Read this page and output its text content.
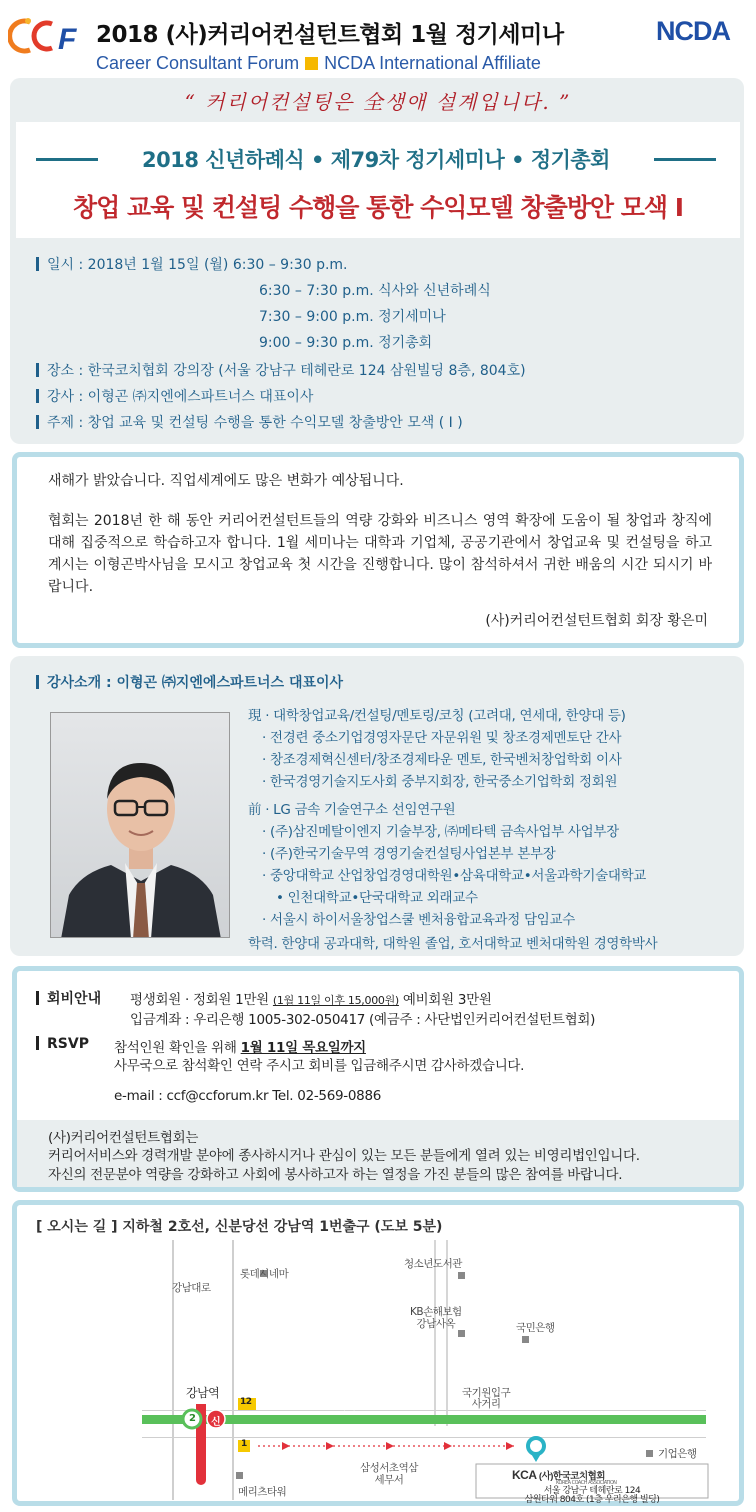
F 2018 (사)커리어컨설턴트협회 1월 정기세미나	NCDA
Career Consultant Forum NCDA International Affiliate
“ 커리어컨설팅은 全생애 설계입니다. ”
2018 신년하례식 • 제79차 정기세미나 • 정기총회
창업 교육 및 컨설팅 수행을 통한 수익모델 창출방안 모색 I
일시 : 2018년 1월 15일 (월) 6:30 – 9:30 p.m.
6:30 – 7:30 p.m. 식사와 신년하례식
7:30 – 9:00 p.m. 정기세미나
9:00 – 9:30 p.m. 정기총회
장소 : 한국코치협회 강의장 (서울 강남구 테헤란로 124 삼원빌딩 8층, 804호)
강사 : 이형곤 ㈜지엔에스파트너스 대표이사
주제 : 창업 교육 및 컨설팅 수행을 통한 수익모델 창출방안 모색 ( I )
새해가 밝았습니다. 직업세계에도 많은 변화가 예상됩니다.
협회는 2018년 한 해 동안 커리어컨설턴트들의 역량 강화와 비즈니스 영역 확장에 도움이 될 창업과 창직에 대해 집중적으로 학습하고자 합니다. 1월 세미나는 대학과 기업체, 공공기관에서 창업교육 및 컨설팅을 하고 계시는 이형곤박사님을 모시고 창업교육 첫 시간을 진행합니다. 많이 참석하셔서 귀한 배움의 시간 되시기 바랍니다.
(사)커리어컨설턴트협회 회장 황은미
강사소개 : 이형곤 ㈜지엔에스파트너스 대표이사
現 · 대학창업교육/컨설팅/멘토링/코칭 (고려대, 연세대, 한양대 등)
· 전경련 중소기업경영자문단 자문위원 및 창조경제멘토단 간사
· 창조경제혁신센터/창조경제타운 멘토, 한국벤처창업학회 이사
· 한국경영기술지도사회 중부지회장, 한국중소기업학회 정회원
前 · LG 금속 기술연구소 선임연구원
· (주)삼진메탈이엔지 기술부장, ㈜메타텍 금속사업부 사업부장
· (주)한국기술무역 경영기술컨설팅사업본부 본부장
· 중앙대학교 산업창업경영대학원•삼육대학교•서울과학기술대학교
• 인천대학교•단국대학교 외래교수
· 서울시 하이서울창업스쿨 벤처융합교육과정 담임교수
학력. 한양대 공과대학, 대학원 졸업, 호서대학교 벤처대학원 경영학박사
회비안내 평생회원 · 정회원 1만원 (1월 11일 이후 15,000원) 예비회원 3만원
입금계좌 : 우리은행 1005-302-050417 (예금주 : 사단법인커리어컨설턴트협회)
RSVP 참석인원 확인을 위해 1월 11일 목요일까지
사무국으로 참석확인 연락 주시고 회비를 입금해주시면 감사하겠습니다.
e-mail : ccf@ccforum.kr Tel. 02-569-0886
(사)커리어컨설턴트협회는
커리어서비스와 경력개발 분야에 종사하시거나 관심이 있는 모든 분들에게 열려 있는 비영리법인입니다.
자신의 전문분야 역량을 강화하고 사회에 봉사하고자 하는 열정을 가진 분들의 많은 참여를 바랍니다.
[ 오시는 길 ] 지하철 2호선, 신분당선 강남역 1번출구 (도보 5분)
롯데시네마
강남대로
청소년도서관
KB손해보험
강남사옥	국민은행
강남역
12
2 신
테헤란로
국기원입구
사거리
1
기업은행
삼성서초역삼
세무서
메리츠타워
KCA (사)한국코치협회
KOREA COACH ASSOCIATION
서울 강남구 테헤란로 124
삼원타워 804호 (1층 우리은행 빌딩)
